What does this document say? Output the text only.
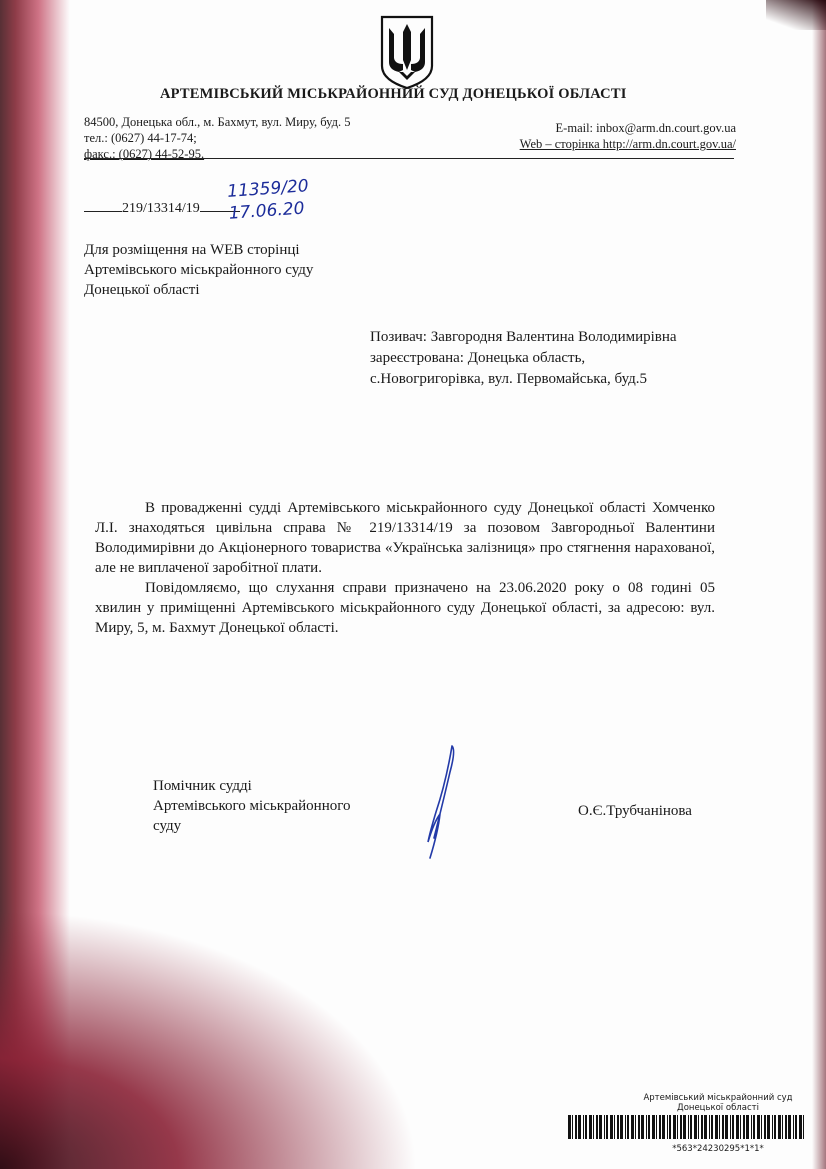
АРТЕМІВСЬКИЙ МІСЬКРАЙОННИЙ СУД ДОНЕЦЬКОЇ ОБЛАСТІ
84500, Донецька обл., м. Бахмут, вул. Миру, буд. 5
тел.: (0627) 44-17-74;
факс.: (0627) 44-52-95.
E-mail: inbox@arm.dn.court.gov.ua
Web – сторінка http://arm.dn.court.gov.ua/
219/13314/19
11359/20
17.06.20
Для розміщення на WEB сторінці
Артемівського міськрайонного суду
Донецької області
Позивач: Завгородня Валентина Володимирівна
зареєстрована: Донецька область,
с.Новогригорівка, вул. Первомайська, буд.5

В провадженні судді Артемівського міськрайонного суду Донецької області Хомченко Л.І. знаходяться цивільна справа № 219/13314/19 за позовом Завгородньої Валентини Володимирівни до Акціонерного товариства «Українська залізниця» про стягнення нарахованої, але не виплаченої заробітної плати.

Повідомляємо, що слухання справи призначено на 23.06.2020 року о 08 годині 05 хвилин у приміщенні Артемівського міськрайонного суду Донецької області, за адресою: вул. Миру, 5, м. Бахмут Донецької області.

Помічник судді
Артемівського міськрайонного
суду
О.Є.Трубчанінова
Артемівський міськрайонний суд
Донецької області
*563*24230295*1*1*
